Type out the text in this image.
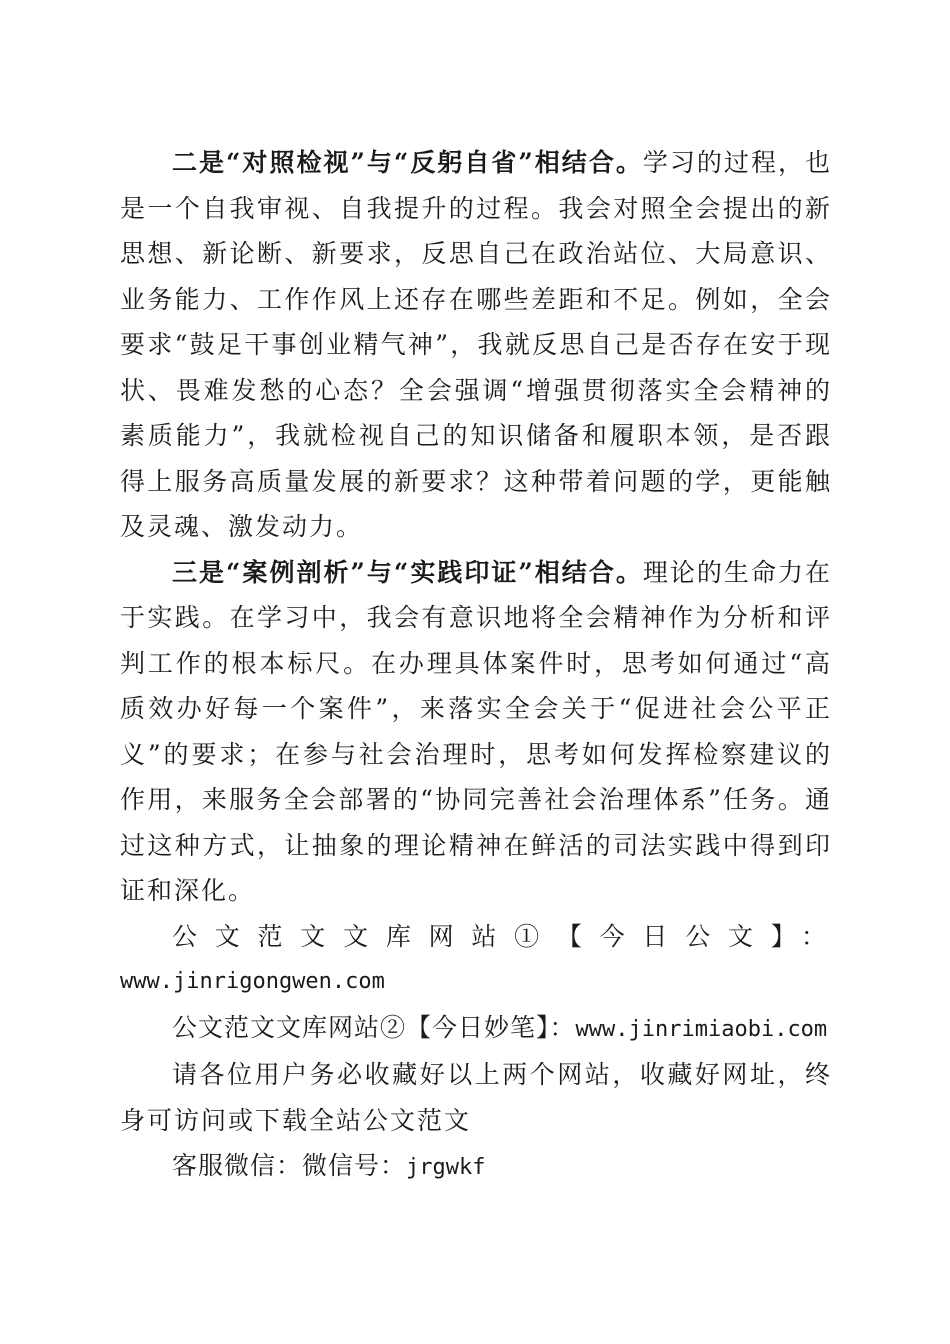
二是“对照检视”与“反躬自省”相结合。学习的过程，也是一个自我审视、自我提升的过程。我会对照全会提出的新思想、新论断、新要求，反思自己在政治站位、大局意识、业务能力、工作作风上还存在哪些差距和不足。例如，全会要求“鼓足干事创业精气神”，我就反思自己是否存在安于现状、畏难发愁的心态？全会强调“增强贯彻落实全会精神的素质能力”，我就检视自己的知识储备和履职本领，是否跟得上服务高质量发展的新要求？这种带着问题的学，更能触及灵魂、激发动力。

三是“案例剖析”与“实践印证”相结合。理论的生命力在于实践。在学习中，我会有意识地将全会精神作为分析和评判工作的根本标尺。在办理具体案件时，思考如何通过“高质效办好每一个案件”，来落实全会关于“促进社会公平正义”的要求；在参与社会治理时，思考如何发挥检察建议的作用，来服务全会部署的“协同完善社会治理体系”任务。通过这种方式，让抽象的理论精神在鲜活的司法实践中得到印证和深化。

公文范文文库网站①【今日公文】：

www.jinrigongwen.com

公文范文文库网站②【今日妙笔】：www.jinrimiaobi.com

请各位用户务必收藏好以上两个网站，收藏好网址，终身可访问或下载全站公文范文

客服微信：微信号：jrgwkf
